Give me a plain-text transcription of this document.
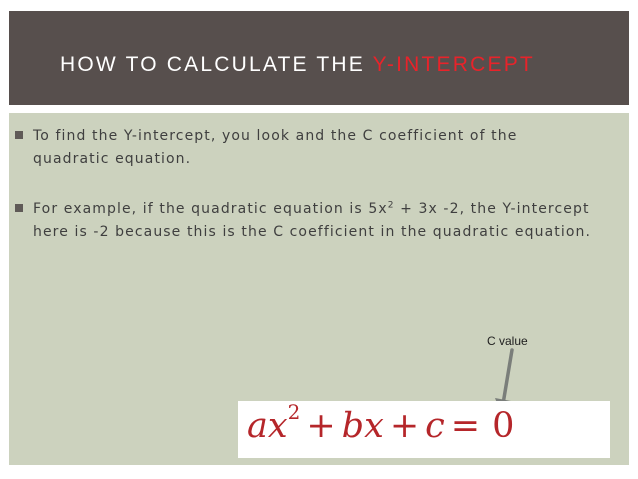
HOW TO CALCULATE THE Y-INTERCEPT
To find the Y-intercept, you look and the C coefficient of the quadratic equation.
For example, if the quadratic equation is $5x^2 + 3x$ -2, the Y-intercept here is -2 because this is the C coefficient in the quadratic equation.
C value
$ax^2$ + bx + c = 0
